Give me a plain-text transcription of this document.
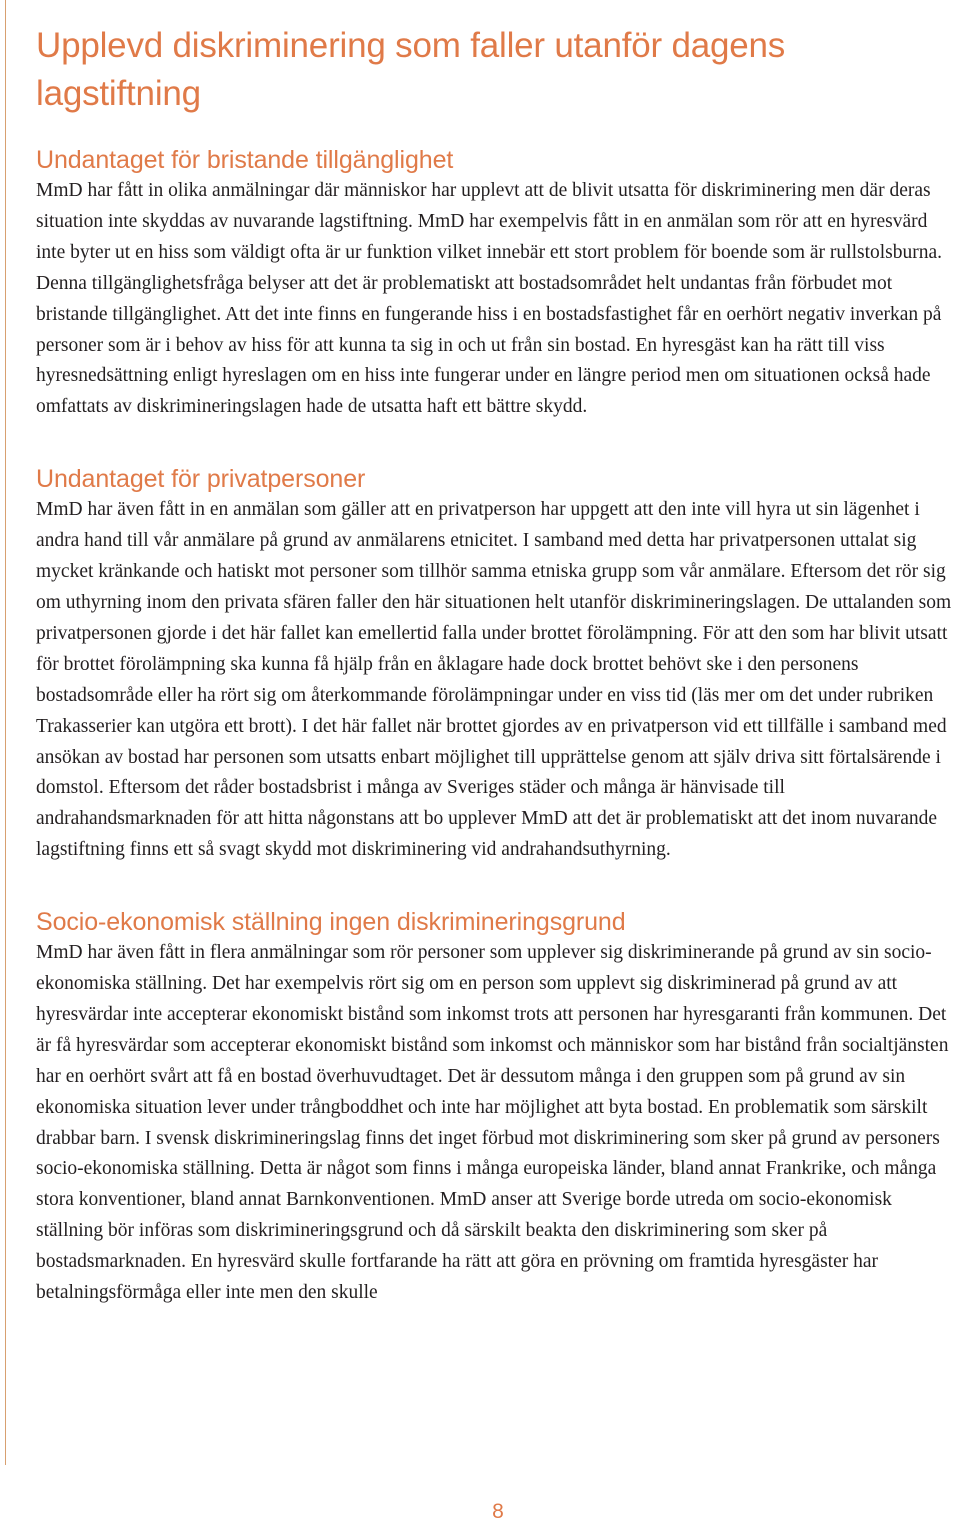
Upplevd diskriminering som faller utanför dagens lagstiftning
Undantaget för bristande tillgänglighet

MmD har fått in olika anmälningar där människor har upplevt att de blivit utsatta för diskriminering men där deras situation inte skyddas av nuvarande lagstiftning. MmD har exempelvis fått in en anmälan som rör att en hyresvärd inte byter ut en hiss som väldigt ofta är ur funktion vilket innebär ett stort problem för boende som är rullstolsburna. Denna tillgänglighetsfråga belyser att det är problematiskt att bostadsområdet helt undantas från förbudet mot bristande tillgänglighet. Att det inte finns en fungerande hiss i en bostadsfastighet får en oerhört negativ inverkan på personer som är i behov av hiss för att kunna ta sig in och ut från sin bostad. En hyresgäst kan ha rätt till viss hyresnedsättning enligt hyreslagen om en hiss inte fungerar under en längre period men om situationen också hade omfattats av diskrimineringslagen hade de utsatta haft ett bättre skydd.

Undantaget för privatpersoner

MmD har även fått in en anmälan som gäller att en privatperson har uppgett att den inte vill hyra ut sin lägenhet i andra hand till vår anmälare på grund av anmälarens etnicitet. I samband med detta har privatpersonen uttalat sig mycket kränkande och hatiskt mot personer som tillhör samma etniska grupp som vår anmälare. Eftersom det rör sig om uthyrning inom den privata sfären faller den här situationen helt utanför diskrimineringslagen. De uttalanden som privatpersonen gjorde i det här fallet kan emellertid falla under brottet förolämpning. För att den som har blivit utsatt för brottet förolämpning ska kunna få hjälp från en åklagare hade dock brottet behövt ske i den personens bostadsområde eller ha rört sig om återkommande förolämpningar under en viss tid (läs mer om det under rubriken Trakasserier kan utgöra ett brott). I det här fallet när brottet gjordes av en privatperson vid ett tillfälle i samband med ansökan av bostad har personen som utsatts enbart möjlighet till upprättelse genom att själv driva sitt förtalsärende i domstol. Eftersom det råder bostadsbrist i många av Sveriges städer och många är hänvisade till andrahandsmarknaden för att hitta någonstans att bo upplever MmD att det är problematiskt att det inom nuvarande lagstiftning finns ett så svagt skydd mot diskriminering vid andrahandsuthyrning.

Socio-ekonomisk ställning ingen diskrimineringsgrund

MmD har även fått in flera anmälningar som rör personer som upplever sig diskriminerande på grund av sin socio-ekonomiska ställning. Det har exempelvis rört sig om en person som upplevt sig diskriminerad på grund av att hyresvärdar inte accepterar ekonomiskt bistånd som inkomst trots att personen har hyresgaranti från kommunen. Det är få hyresvärdar som accepterar ekonomiskt bistånd som inkomst och människor som har bistånd från socialtjänsten har en oerhört svårt att få en bostad överhuvudtaget. Det är dessutom många i den gruppen som på grund av sin ekonomiska situation lever under trångboddhet och inte har möjlighet att byta bostad. En problematik som särskilt drabbar barn. I svensk diskrimineringslag finns det inget förbud mot diskriminering som sker på grund av personers socio-ekonomiska ställning. Detta är något som finns i många europeiska länder, bland annat Frankrike, och många stora konventioner, bland annat Barnkonventionen. MmD anser att Sverige borde utreda om socio-ekonomisk ställning bör införas som diskrimineringsgrund och då särskilt beakta den diskriminering som sker på bostadsmarknaden. En hyresvärd skulle fortfarande ha rätt att göra en prövning om framtida hyresgäster har betalningsförmåga eller inte men den skulle

8
